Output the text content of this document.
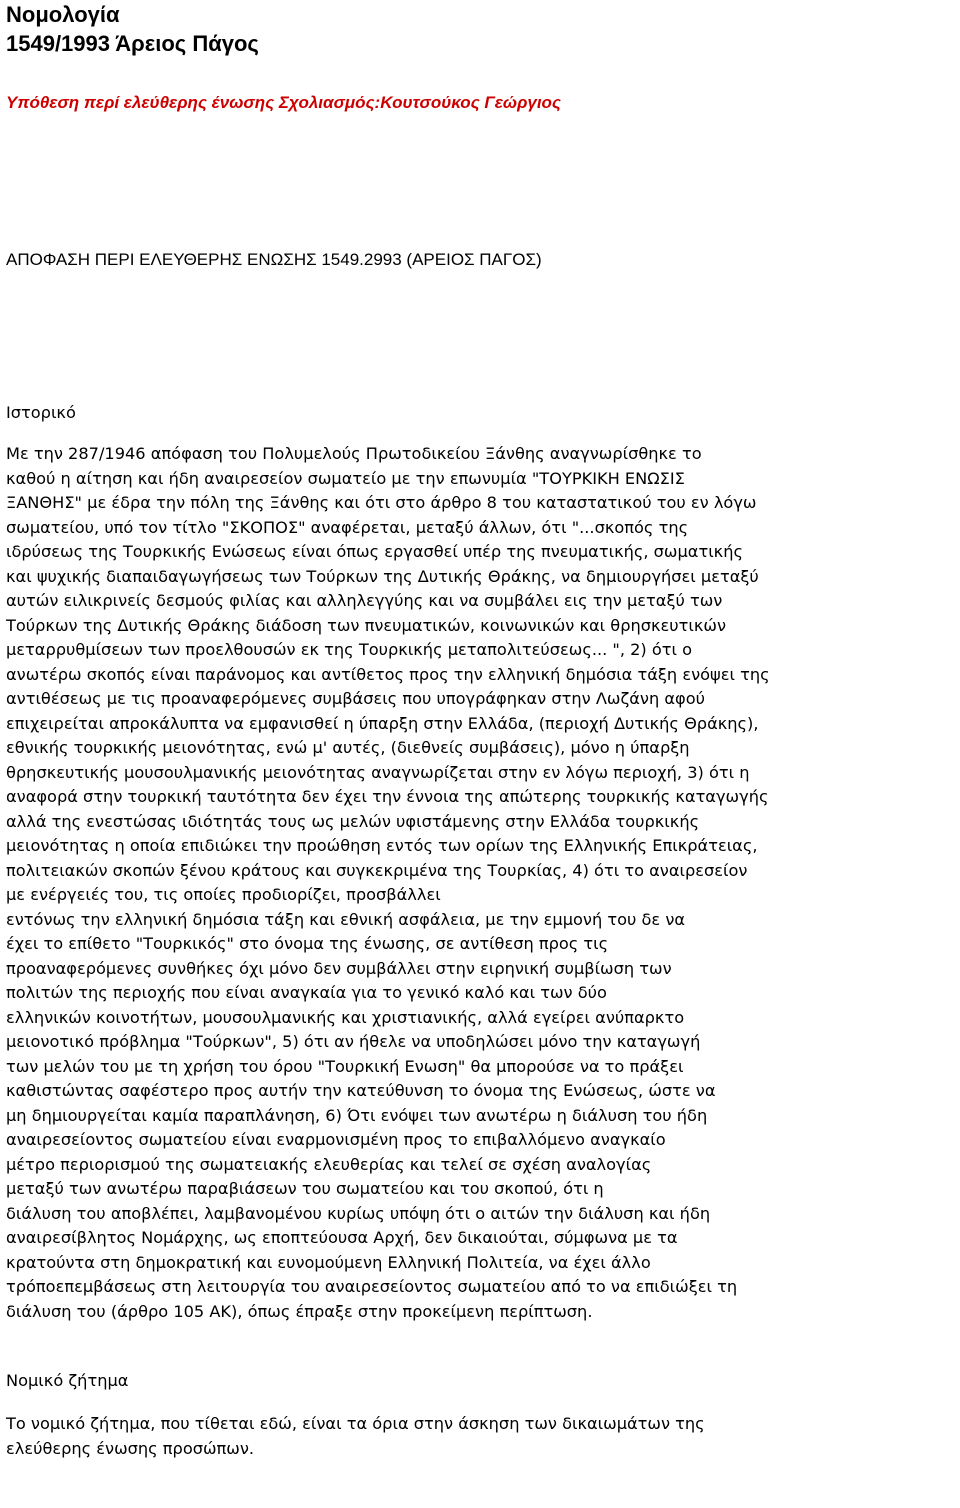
Νομολογία
1549/1993 Άρειος Πάγος

Υπόθεση περί ελεύθερης ένωσης Σχολιασμός:Κουτσούκος Γεώργιος

ΑΠΟΦΑΣΗ ΠΕΡΙ ΕΛΕΥΘΕΡΗΣ ΕΝΩΣΗΣ 1549.2993 (ΑΡΕΙΟΣ ΠΑΓΟΣ)

Ιστορικό

Με την 287/1946 απόφαση του Πολυμελούς Πρωτοδικείου Ξάνθης αναγνωρίσθηκε το
καθού η αίτηση και ήδη αναιρεσείον σωματείο με την επωνυμία "ΤΟΥΡΚΙΚΗ ΕΝΩΣΙΣ
ΞΑΝΘΗΣ" με έδρα την πόλη της Ξάνθης και ότι στο άρθρο 8 του καταστατικού του εν λόγω
σωματείου, υπό τον τίτλο "ΣΚΟΠΟΣ" αναφέρεται, μεταξύ άλλων, ότι "...σκοπός της
ιδρύσεως της Τουρκικής Ενώσεως είναι όπως εργασθεί υπέρ της πνευματικής, σωματικής
και ψυχικής διαπαιδαγωγήσεως των Τούρκων της Δυτικής Θράκης, να δημιουργήσει μεταξύ
αυτών ειλικρινείς δεσμούς φιλίας και αλληλεγγύης και να συμβάλει εις την μεταξύ των
Τούρκων της Δυτικής Θράκης διάδοση των πνευματικών, κοινωνικών και θρησκευτικών
μεταρρυθμίσεων των προελθουσών εκ της Τουρκικής μεταπολιτεύσεως... ", 2) ότι ο
ανωτέρω σκοπός είναι παράνομος και αντίθετος προς την ελληνική δημόσια τάξη ενόψει της
αντιθέσεως με τις προαναφερόμενες συμβάσεις που υπογράφηκαν στην Λωζάνη αφού
επιχειρείται απροκάλυπτα να εμφανισθεί η ύπαρξη στην Ελλάδα, (περιοχή Δυτικής Θράκης),
εθνικής τουρκικής μειονότητας, ενώ μ' αυτές, (διεθνείς συμβάσεις), μόνο η ύπαρξη
θρησκευτικής μουσουλμανικής μειονότητας αναγνωρίζεται στην εν λόγω περιοχή, 3) ότι η
αναφορά στην τουρκική ταυτότητα δεν έχει την έννοια της απώτερης τουρκικής καταγωγής
αλλά της ενεστώσας ιδιότητάς τους ως μελών υφιστάμενης στην Ελλάδα τουρκικής
μειονότητας η οποία επιδιώκει την προώθηση εντός των ορίων της Ελληνικής Επικράτειας,
πολιτειακών σκοπών ξένου κράτους και συγκεκριμένα της Τουρκίας, 4) ότι το αναιρεσείον
με ενέργειές του, τις οποίες προδιορίζει, προσβάλλει
εντόνως την ελληνική δημόσια τάξη και εθνική ασφάλεια, με την εμμονή του δε να
έχει το επίθετο "Τουρκικός" στο όνομα της ένωσης, σε αντίθεση προς τις
προαναφερόμενες συνθήκες όχι μόνο δεν συμβάλλει στην ειρηνική συμβίωση των
πολιτών της περιοχής που είναι αναγκαία για το γενικό καλό και των δύο
ελληνικών κοινοτήτων, μουσουλμανικής και χριστιανικής, αλλά εγείρει ανύπαρκτο
μειονοτικό πρόβλημα "Τούρκων", 5) ότι αν ήθελε να υποδηλώσει μόνο την καταγωγή
των μελών του με τη χρήση του όρου "Τουρκική Ενωση" θα μπορούσε να το πράξει
καθιστώντας σαφέστερο προς αυτήν την κατεύθυνση το όνομα της Ενώσεως, ώστε να
μη δημιουργείται καμία παραπλάνηση, 6) Ότι ενόψει των ανωτέρω η διάλυση του ήδη
αναιρεσείοντος σωματείου είναι εναρμονισμένη προς το επιβαλλόμενο αναγκαίο
μέτρο περιορισμού της σωματειακής ελευθερίας και τελεί σε σχέση αναλογίας
μεταξύ των ανωτέρω παραβιάσεων του σωματείου και του σκοπού, ότι η
διάλυση του αποβλέπει, λαμβανομένου κυρίως υπόψη ότι ο αιτών την διάλυση και ήδη
αναιρεσίβλητος Νομάρχης, ως εποπτεύουσα Αρχή, δεν δικαιούται, σύμφωνα με τα
κρατούντα στη δημοκρατική και ευνομούμενη Ελληνική Πολιτεία, να έχει άλλο
τρόποεπεμβάσεως στη λειτουργία του αναιρεσείοντος σωματείου από το να επιδιώξει τη
διάλυση του (άρθρο 105 ΑΚ), όπως έπραξε στην προκείμενη περίπτωση.

Νομικό ζήτημα

Το νομικό ζήτημα, που τίθεται εδώ, είναι τα όρια στην άσκηση των δικαιωμάτων της
ελεύθερης ένωσης προσώπων.
